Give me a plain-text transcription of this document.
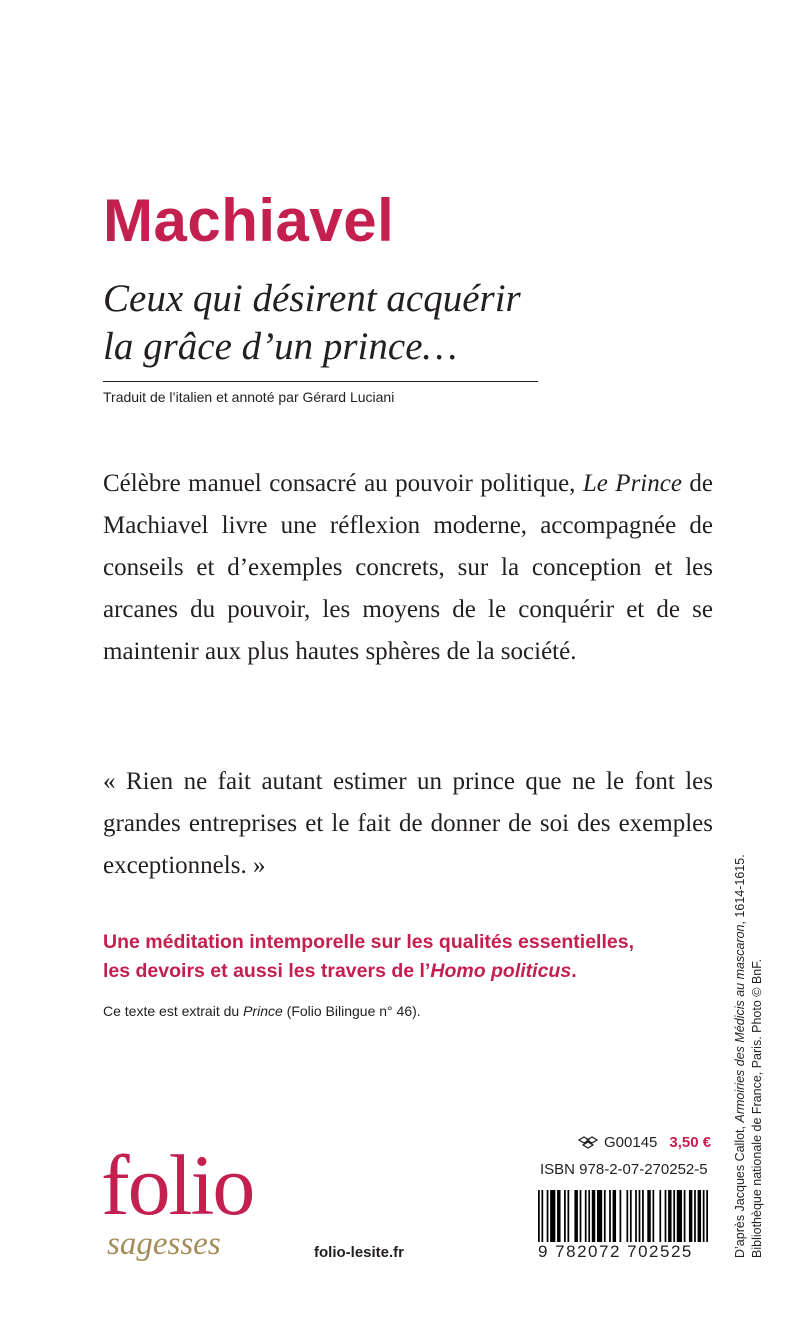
Machiavel
Ceux qui désirent acquérir
la grâce d’un prince…
Traduit de l’italien et annoté par Gérard Luciani
Célèbre manuel consacré au pouvoir politique, Le Prince de Machiavel livre une réflexion moderne, accompagnée de conseils et d’exemples concrets, sur la conception et les arcanes du pouvoir, les moyens de le conquérir et de se maintenir aux plus hautes sphères de la société.
« Rien ne fait autant estimer un prince que ne le font les grandes entreprises et le fait de donner de soi des exemples exceptionnels. »
Une méditation intemporelle sur les qualités essentielles,
les devoirs et aussi les travers de l’Homo politicus.
Ce texte est extrait du Prince (Folio Bilingue n° 46).
D’après Jacques Callot, Armoiries des Médicis au mascaron, 1614-1615.
Bibliothèque nationale de France, Paris. Photo © BnF.
G00145 3,50 €
ISBN 978-2-07-270252-5
9 782072 702525
folio
sagesses	folio-lesite.fr
